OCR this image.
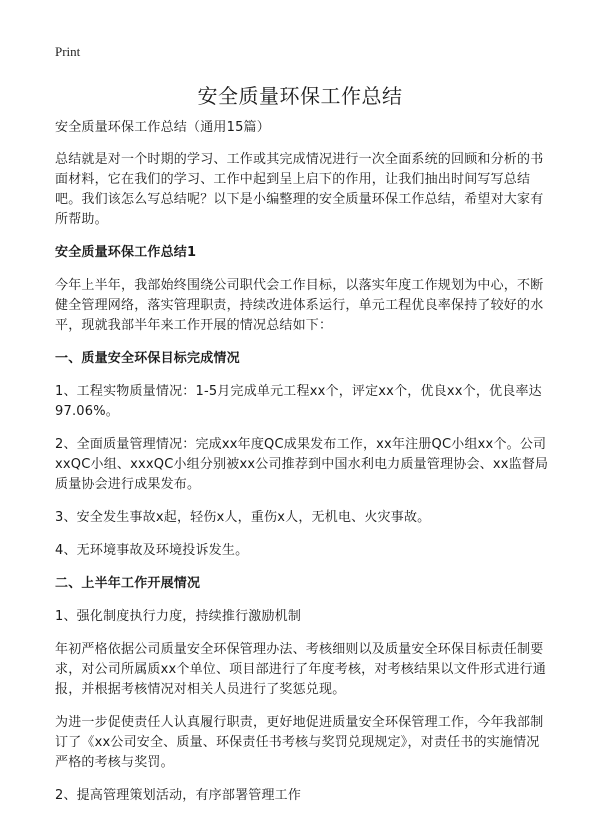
Print
安全质量环保工作总结

安全质量环保工作总结（通用15篇）

总结就是对一个时期的学习、工作或其完成情况进行一次全面系统的回顾和分析的书面材料，它在我们的学习、工作中起到呈上启下的作用，让我们抽出时间写写总结吧。我们该怎么写总结呢？以下是小编整理的安全质量环保工作总结，希望对大家有所帮助。

安全质量环保工作总结1

今年上半年，我部始终围绕公司职代会工作目标，以落实年度工作规划为中心，不断健全管理网络，落实管理职责，持续改进体系运行，单元工程优良率保持了较好的水平，现就我部半年来工作开展的情况总结如下：

一、质量安全环保目标完成情况

1、工程实物质量情况：1-5月完成单元工程xx个，评定xx个，优良xx个，优良率达97.06%。

2、全面质量管理情况：完成xx年度QC成果发布工作，xx年注册QC小组xx个。公司xxQC小组、xxxQC小组分别被xx公司推荐到中国水利电力质量管理协会、xx监督局质量协会进行成果发布。

3、安全发生事故x起，轻伤x人，重伤x人，无机电、火灾事故。

4、无环境事故及环境投诉发生。

二、上半年工作开展情况

1、强化制度执行力度，持续推行激励机制

年初严格依据公司质量安全环保管理办法、考核细则以及质量安全环保目标责任制要求，对公司所属质xx个单位、项目部进行了年度考核，对考核结果以文件形式进行通报，并根据考核情况对相关人员进行了奖惩兑现。

为进一步促使责任人认真履行职责，更好地促进质量安全环保管理工作，今年我部制订了《xx公司安全、质量、环保责任书考核与奖罚兑现规定》，对责任书的实施情况严格的考核与奖罚。

2、提高管理策划活动，有序部署管理工作
